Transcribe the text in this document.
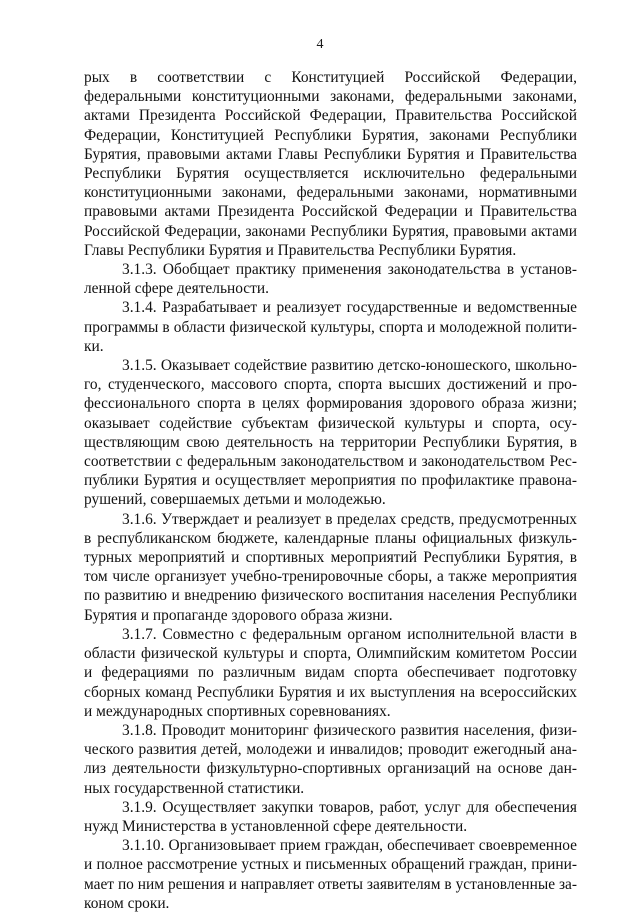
4

рых в соответствии с Конституцией Российской Федерации, федеральными конституционными законами, федеральными законами, актами Президента Российской Федерации, Правительства Российской Федерации, Конституцией Республики Бурятия, законами Республики Бурятия, правовыми актами Главы Республики Бурятия и Правительства Республики Бурятия осуществляется исключительно федеральными конституционными законами, федеральными законами, нормативными правовыми актами Президента Российской Федерации и Правительства Российской Федерации, законами Республики Бурятия, правовыми актами Главы Республики Бурятия и Правительства Республики Бурятия.

3.1.3. Обобщает практику применения законодательства в установленной сфере деятельности.

3.1.4. Разрабатывает и реализует государственные и ведомственные программы в области физической культуры, спорта и молодежной политики.

3.1.5. Оказывает содействие развитию детско-юношеского, школьного, студенческого, массового спорта, спорта высших достижений и профессионального спорта в целях формирования здорового образа жизни; оказывает содействие субъектам физической культуры и спорта, осуществляющим свою деятельность на территории Республики Бурятия, в соответствии с федеральным законодательством и законодательством Республики Бурятия и осуществляет мероприятия по профилактике правонарушений, совершаемых детьми и молодежью.

3.1.6. Утверждает и реализует в пределах средств, предусмотренных в республиканском бюджете, календарные планы официальных физкультурных мероприятий и спортивных мероприятий Республики Бурятия, в том числе организует учебно-тренировочные сборы, а также мероприятия по развитию и внедрению физического воспитания населения Республики Бурятия и пропаганде здорового образа жизни.

3.1.7. Совместно с федеральным органом исполнительной власти в области физической культуры и спорта, Олимпийским комитетом России и федерациями по различным видам спорта обеспечивает подготовку сборных команд Республики Бурятия и их выступления на всероссийских и международных спортивных соревнованиях.

3.1.8. Проводит мониторинг физического развития населения, физического развития детей, молодежи и инвалидов; проводит ежегодный анализ деятельности физкультурно-спортивных организаций на основе данных государственной статистики.

3.1.9. Осуществляет закупки товаров, работ, услуг для обеспечения нужд Министерства в установленной сфере деятельности.

3.1.10. Организовывает прием граждан, обеспечивает своевременное и полное рассмотрение устных и письменных обращений граждан, принимает по ним решения и направляет ответы заявителям в установленные законом сроки.
